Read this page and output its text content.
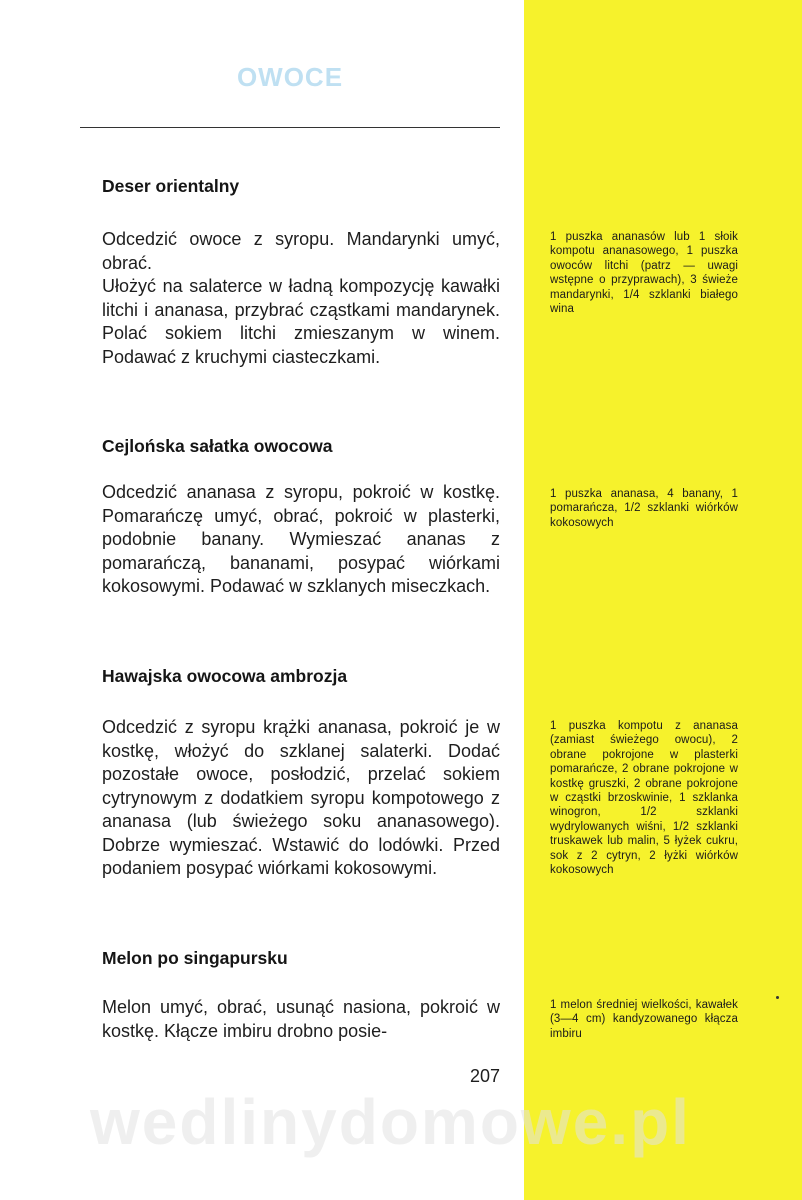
OWOCE
Deser orientalny

Odcedzić owoce z syropu. Mandarynki umyć, obrać.

Ułożyć na salaterce w ładną kompozycję kawałki litchi i ananasa, przybrać cząstkami mandarynek. Polać sokiem litchi zmieszanym w winem. Podawać z kruchymi ciasteczkami.

1 puszka ananasów lub 1 słoik kompotu ananasowego, 1 puszka owoców litchi (patrz — uwagi wstępne o przyprawach), 3 świeże mandarynki, 1/4 szklanki białego wina
Cejlońska sałatka owocowa

Odcedzić ananasa z syropu, pokroić w kostkę. Pomarańczę umyć, obrać, pokroić w plasterki, podobnie banany. Wymieszać ananas z pomarańczą, bananami, posypać wiórkami kokosowymi. Podawać w szklanych miseczkach.

1 puszka ananasa, 4 banany, 1 pomarańcza, 1/2 szklanki wiórków kokosowych
Hawajska owocowa ambrozja

Odcedzić z syropu krążki ananasa, pokroić je w kostkę, włożyć do szklanej salaterki. Dodać pozostałe owoce, posłodzić, przelać sokiem cytrynowym z dodatkiem syropu kompotowego z ananasa (lub świeżego soku ananasowego). Dobrze wymieszać. Wstawić do lodówki. Przed podaniem posypać wiórkami kokosowymi.

1 puszka kompotu z ananasa (zamiast świeżego owocu), 2 obrane pokrojone w plasterki pomarańcze, 2 obrane pokrojone w kostkę gruszki, 2 obrane pokrojone w cząstki brzoskwinie, 1 szklanka winogron, 1/2 szklanki wydrylowanych wiśni, 1/2 szklanki truskawek lub malin, 5 łyżek cukru, sok z 2 cytryn, 2 łyżki wiórków kokosowych
Melon po singapursku

Melon umyć, obrać, usunąć nasiona, pokroić w kostkę. Kłącze imbiru drobno posie-

1 melon średniej wielkości, kawałek (3—4 cm) kandyzowanego kłącza imbiru
207
wedlinydomowe.pl
